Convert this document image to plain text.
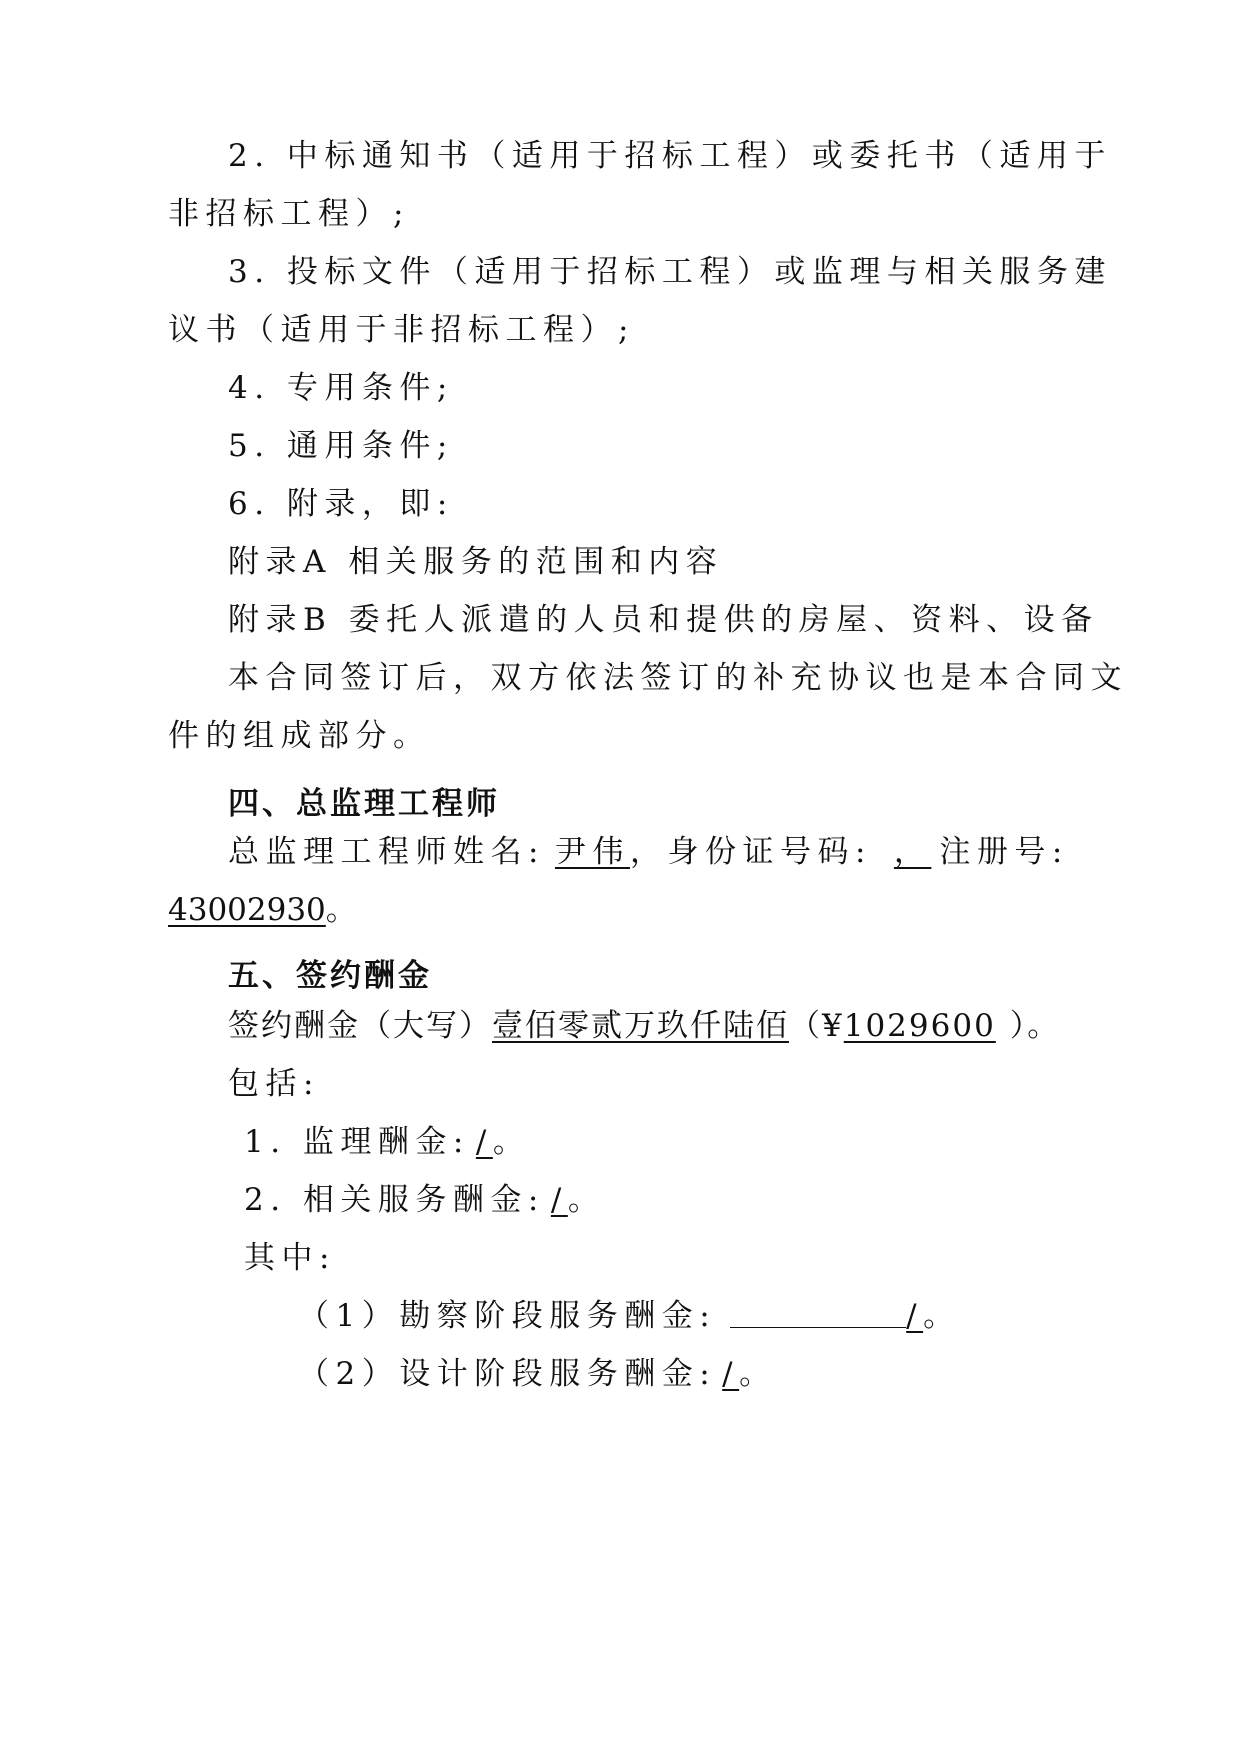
2. 中标通知书（适用于招标工程）或委托书（适用于
非招标工程）;
3. 投标文件（适用于招标工程）或监理与相关服务建
议书（适用于非招标工程）;
4. 专用条件;
5. 通用条件;
6. 附录，即:
附录A 相关服务的范围和内容
附录B 委托人派遣的人员和提供的房屋、资料、设备
本合同签订后，双方依法签订的补充协议也是本合同文
件的组成部分。
四、总监理工程师
总监理工程师姓名: 尹伟，身份证号码: ， 注册号:
43002930。
五、签约酬金
签约酬金（大写）壹佰零贰万玖仟陆佰（¥1029600 ）。
包括:
1. 监理酬金: /。
2. 相关服务酬金: /。
其中:
（1）勘察阶段服务酬金:	/。
（2）设计阶段服务酬金: /。
